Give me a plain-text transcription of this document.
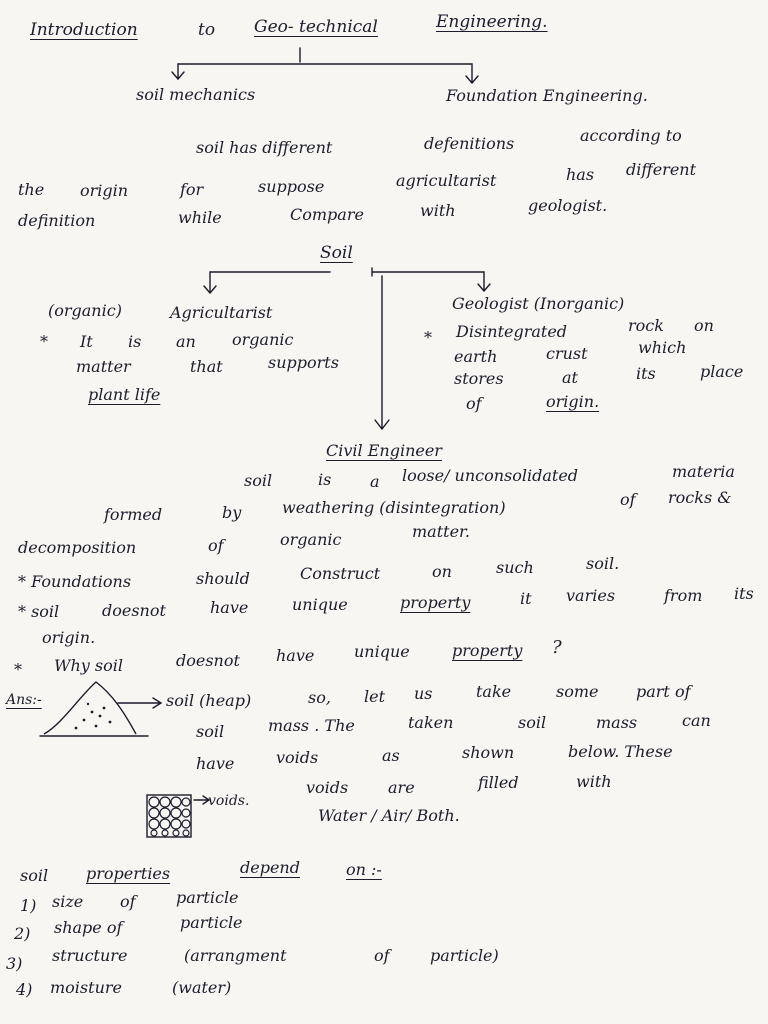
Introduction	to Geo- technical	Engineering.
soil mechanics	Foundation Engineering.
soil has different	defenitions	according to
the origin	for	suppose	agricultarist	has different
definition	while	Compare	with	geologist.
Soil
(organic)	Agricultarist
* It is an organic
matter	that	supports
plant life
Geologist (Inorganic)
* Disintegrated	rock on
earth	crust	which
stores	at	its	place
of	origin.
Civil Engineer
soil	is a loose/ unconsolidated	materia
formed	by	weathering (disintegration)	of rocks &
decomposition	of	organic	matter.
* Foundations	should	Construct	on	such	soil.
* soil	doesnot	have	unique	property	it varies	from its
origin.
* Why soil	doesnot have unique	property ?
Ans:-	soil (heap)	so, let us	take	some part of
soil	mass . The	taken	soil	mass	can
have	voids	as	shown	below. These
voids are	filled	with
voids.
Water / Air/ Both.
soil properties	depend	on :-
1) size of	particle
2) shape of	particle
3) structure	(arrangment	of	particle)
4) moisture	(water)
